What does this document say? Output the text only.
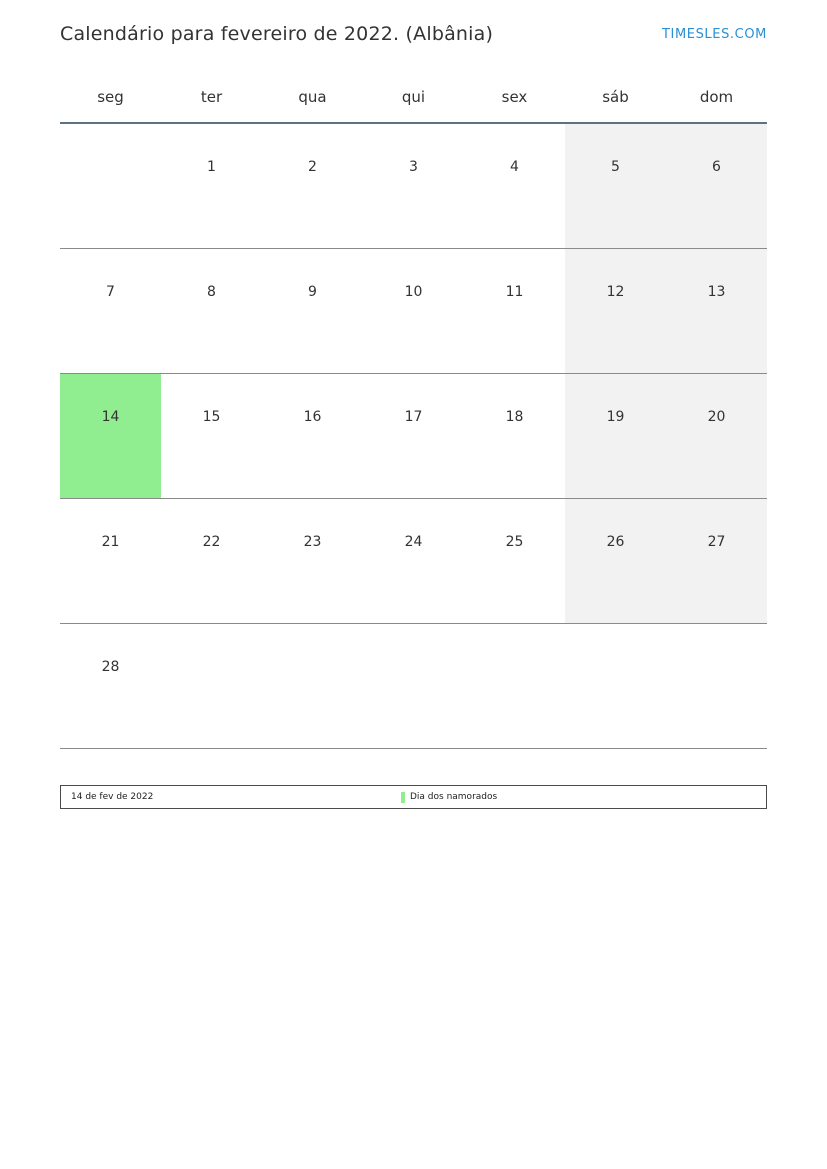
Calendário para fevereiro de 2022. (Albânia)	TIMESLES.COM
seg	ter	qua	qui	sex	sáb	dom

	1	2	3	4	5	6

7	8	9	10	11	12	13

14	15	16	17	18	19	20

21	22	23	24	25	26	27

28						

14 de fev de 2022	Dia dos namorados
